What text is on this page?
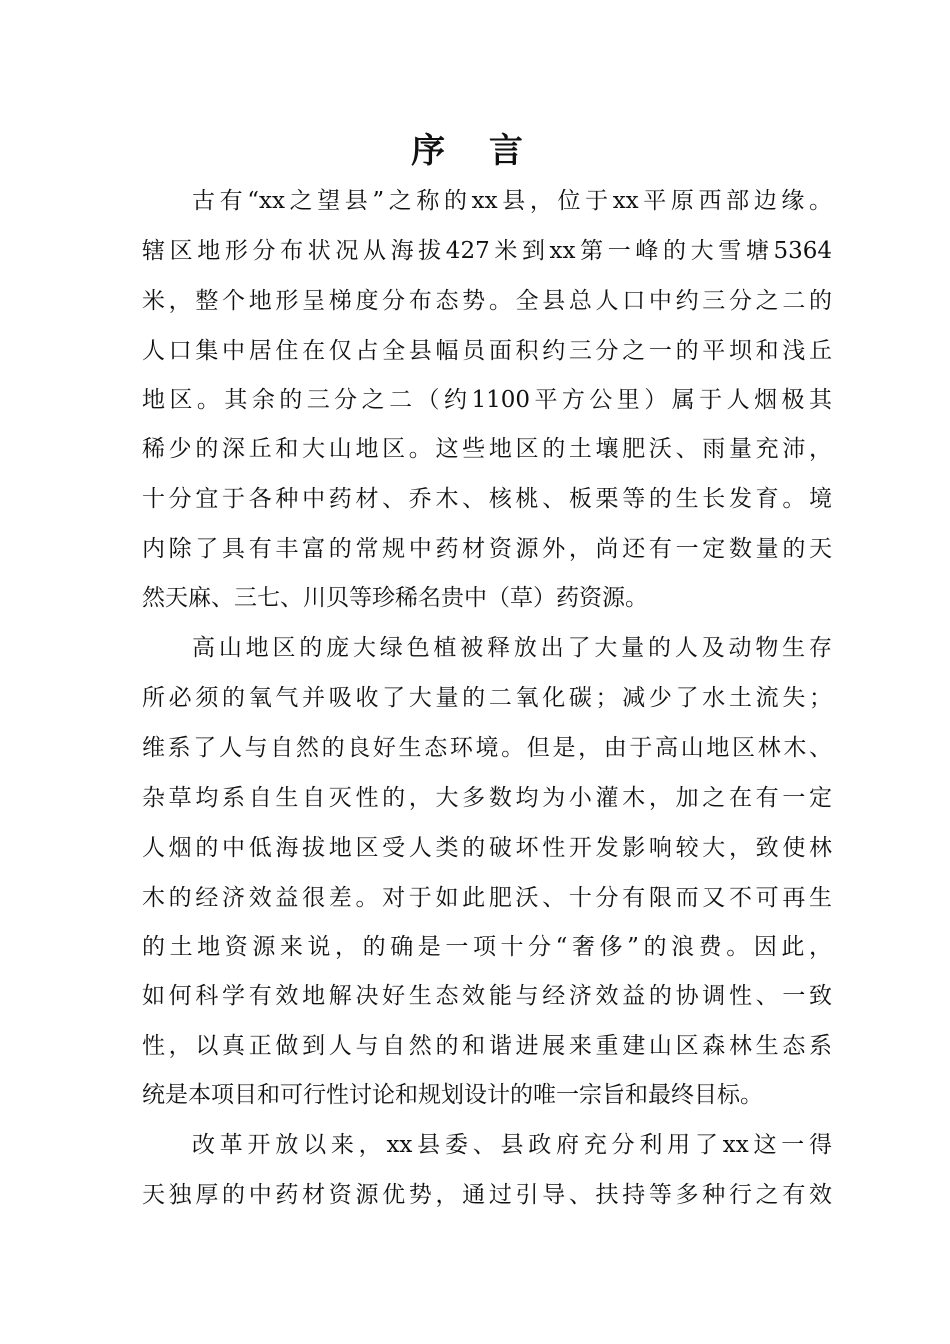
序 言
古有“xx之望县”之称的xx县，位于xx平原西部边缘。
辖区地形分布状况从海拔427米到xx第一峰的大雪塘5364
米，整个地形呈梯度分布态势。全县总人口中约三分之二的
人口集中居住在仅占全县幅员面积约三分之一的平坝和浅丘
地区。其余的三分之二（约1100平方公里）属于人烟极其
稀少的深丘和大山地区。这些地区的土壤肥沃、雨量充沛，
十分宜于各种中药材、乔木、核桃、板栗等的生长发育。境
内除了具有丰富的常规中药材资源外，尚还有一定数量的天
然天麻、三七、川贝等珍稀名贵中（草）药资源。
高山地区的庞大绿色植被释放出了大量的人及动物生存
所必须的氧气并吸收了大量的二氧化碳；减少了水土流失；
维系了人与自然的良好生态环境。但是，由于高山地区林木、
杂草均系自生自灭性的，大多数均为小灌木，加之在有一定
人烟的中低海拔地区受人类的破坏性开发影响较大，致使林
木的经济效益很差。对于如此肥沃、十分有限而又不可再生
的土地资源来说，的确是一项十分“奢侈”的浪费。因此，
如何科学有效地解决好生态效能与经济效益的协调性、一致
性，以真正做到人与自然的和谐进展来重建山区森林生态系
统是本项目和可行性讨论和规划设计的唯一宗旨和最终目标。
改革开放以来，xx县委、县政府充分利用了xx这一得
天独厚的中药材资源优势，通过引导、扶持等多种行之有效
